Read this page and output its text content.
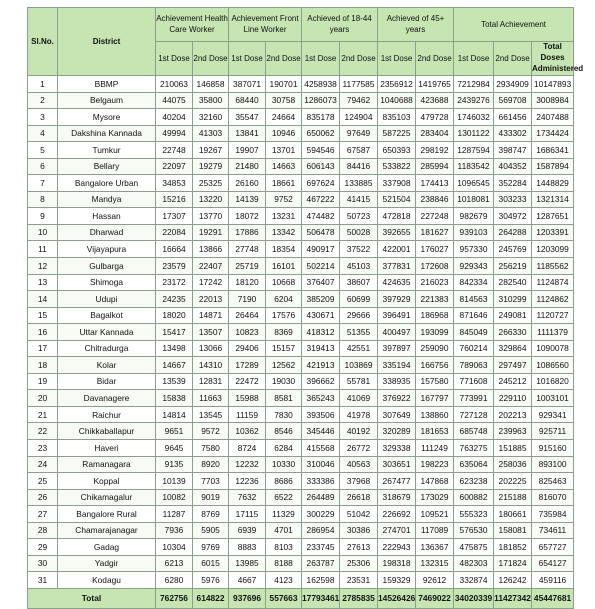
Sl.No.	District	Achievement Health Care Worker		Achievement Front Line Worker		Achieved of 18-44 years		Achieved of 45+ years		Total Achievement		
		1st Dose	2nd Dose	1st Dose	2nd Dose	1st Dose	2nd Dose	1st Dose	2nd Dose	1st Dose	2nd Dose	Total Doses Administered
1	BBMP	210063	146858	387071	190701	4258938	1177585	2356912	1419765	7212984	2934909	10147893
2	Belgaum	44075	35800	68440	30758	1286073	79462	1040688	423688	2439276	569708	3008984
3	Mysore	40204	32160	35547	24664	835178	124904	835103	479728	1746032	661456	2407488
4	Dakshina Kannada	49994	41303	13841	10946	650062	97649	587225	283404	1301122	433302	1734424
5	Tumkur	22748	19267	19907	13701	594546	67587	650393	298192	1287594	398747	1686341
6	Bellary	22097	19279	21480	14663	606143	84416	533822	285994	1183542	404352	1587894
7	Bangalore Urban	34853	25325	26160	18661	697624	133885	337908	174413	1096545	352284	1448829
8	Mandya	15216	13220	14139	9752	467222	41415	521504	238846	1018081	303233	1321314
9	Hassan	17307	13770	18072	13231	474482	50723	472818	227248	982679	304972	1287651
10	Dharwad	22084	19291	17886	13342	506478	50028	392655	181627	939103	264288	1203391
11	Vijayapura	16664	13866	27748	18354	490917	37522	422001	176027	957330	245769	1203099
12	Gulbarga	23579	22407	25719	16101	502214	45103	377831	172608	929343	256219	1185562
13	Shimoga	23172	17242	18120	10668	376407	38607	424635	216023	842334	282540	1124874
14	Udupi	24235	22013	7190	6204	385209	60699	397929	221383	814563	310299	1124862
15	Bagalkot	18020	14871	26464	17576	430671	29666	396491	186968	871646	249081	1120727
16	Uttar Kannada	15417	13507	10823	8369	418312	51355	400497	193099	845049	266330	1111379
17	Chitradurga	13498	13066	29406	15157	319413	42551	397897	259090	760214	329864	1090078
18	Kolar	14667	14310	17289	12562	421913	103869	335194	166756	789063	297497	1086560
19	Bidar	13539	12831	22472	19030	396662	55781	338935	157580	771608	245212	1016820
20	Davanagere	15838	11663	15988	8581	365243	41069	376922	167797	773991	229110	1003101
21	Raichur	14814	13545	11159	7830	393506	41978	307649	138860	727128	202213	929341
22	Chikkaballapur	9651	9572	10362	8546	345446	40192	320289	181653	685748	239963	925711
23	Haveri	9645	7580	8724	6284	415568	26772	329338	111249	763275	151885	915160
24	Ramanagara	9135	8920	12232	10330	310046	40563	303651	198223	635064	258036	893100
25	Koppal	10139	7703	12236	8686	333386	37968	267477	147868	623238	202225	825463
26	Chikamagalur	10082	9019	7632	6522	264489	26618	318679	173029	600882	215188	816070
27	Bangalore Rural	11287	8769	17115	11329	300229	51042	226692	109521	555323	180661	735984
28	Chamarajanagar	7936	5905	6939	4701	286954	30386	274701	117089	576530	158081	734611
29	Gadag	10304	9769	8883	8103	233745	27613	222943	136367	475875	181852	657727
30	Yadgir	6213	6015	13985	8188	263787	25306	198318	132315	482303	171824	654127
31	Kodagu	6280	5976	4667	4123	162598	23531	159329	92612	332874	126242	459116
Total		762756	614822	937696	557663	17793461	2785835	14526426	7469022	34020339	11427342	45447681
